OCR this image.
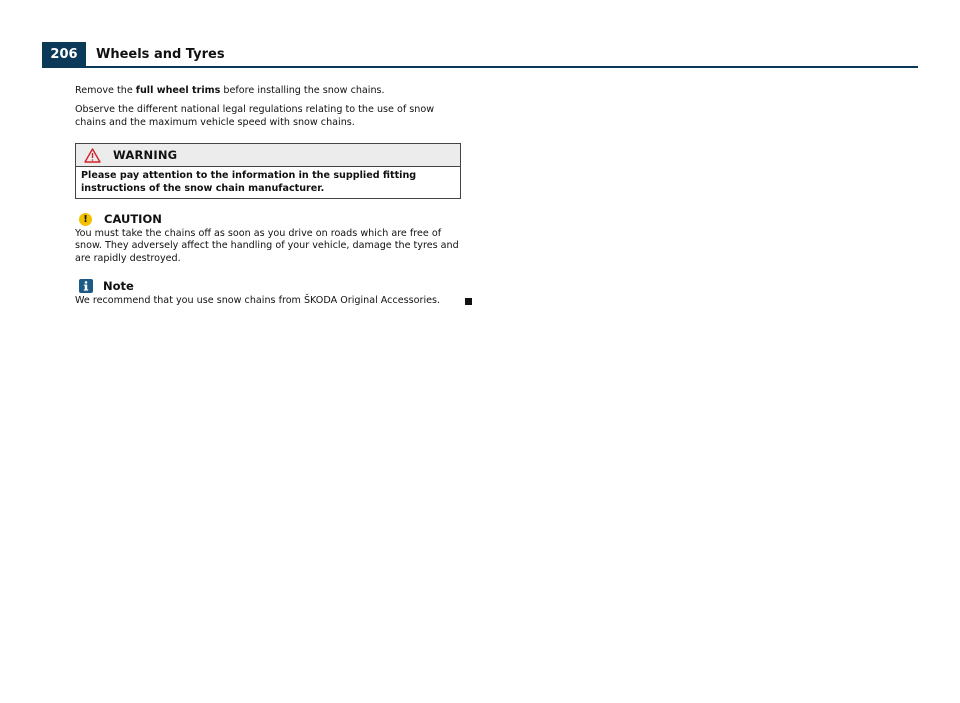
206	Wheels and Tyres

Remove the full wheel trims before installing the snow chains.

Observe the different national legal regulations relating to the use of snow chains and the maximum vehicle speed with snow chains.

WARNING
Please pay attention to the information in the supplied fitting instructions of the snow chain manufacturer.
!	CAUTION
You must take the chains off as soon as you drive on roads which are free of snow. They adversely affect the handling of your vehicle, damage the tyres and are rapidly destroyed.
Note
We recommend that you use snow chains from ŠKODA Original Accessories.
